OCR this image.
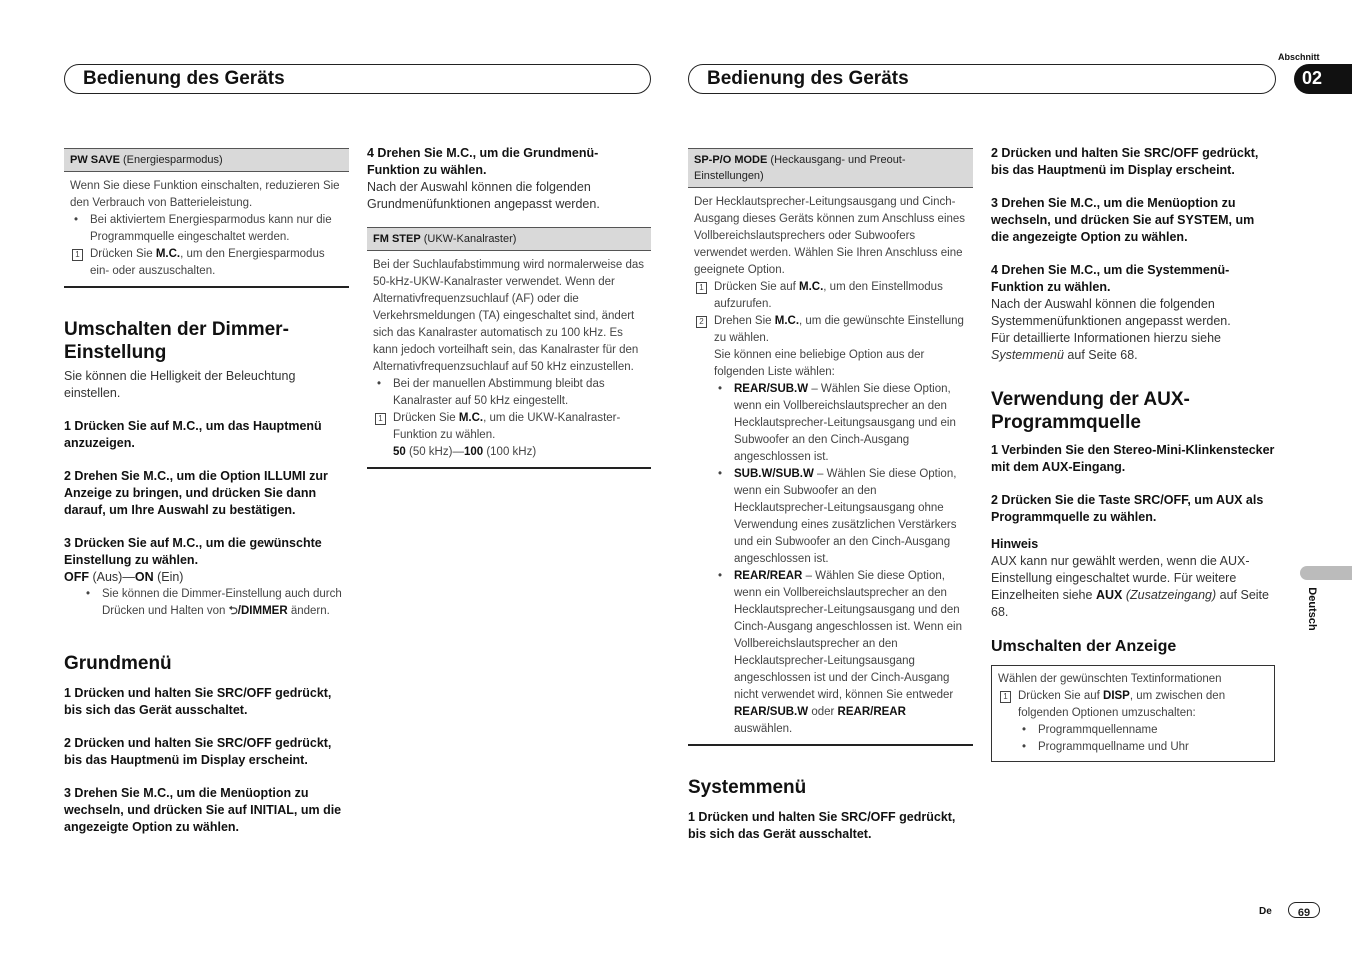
Bedienung des Geräts	Bedienung des Geräts
Abschnitt
02
Deutsch
De	69
PW SAVE (Energiesparmodus)
Wenn Sie diese Funktion einschalten, reduzieren Sie den Verbrauch von Batterieleistung.
• Bei aktiviertem Energiesparmodus kann nur die Programmquelle eingeschaltet werden.
1 Drücken Sie M.C., um den Energiesparmodus ein- oder auszuschalten.
Umschalten der Dimmer-Einstellung
Sie können die Helligkeit der Beleuchtung einstellen.
1 Drücken Sie auf M.C., um das Hauptmenü anzuzeigen.
2 Drehen Sie M.C., um die Option ILLUMI zur Anzeige zu bringen, und drücken Sie dann darauf, um Ihre Auswahl zu bestätigen.
3 Drücken Sie auf M.C., um die gewünschte Einstellung zu wählen.
OFF (Aus)—ON (Ein)
• Sie können die Dimmer-Einstellung auch durch Drücken und Halten von ⮌/DIMMER ändern.
Grundmenü
1 Drücken und halten Sie SRC/OFF gedrückt, bis sich das Gerät ausschaltet.
2 Drücken und halten Sie SRC/OFF gedrückt, bis das Hauptmenü im Display erscheint.
3 Drehen Sie M.C., um die Menüoption zu wechseln, und drücken Sie auf INITIAL, um die angezeigte Option zu wählen.
4 Drehen Sie M.C., um die Grundmenü-Funktion zu wählen.
Nach der Auswahl können die folgenden Grundmenüfunktionen angepasst werden.
FM STEP (UKW-Kanalraster)
Bei der Suchlaufabstimmung wird normalerweise das 50-kHz-UKW-Kanalraster verwendet. Wenn der Alternativfrequenzsuchlauf (AF) oder die Verkehrsmeldungen (TA) eingeschaltet sind, ändert sich das Kanalraster automatisch zu 100 kHz. Es kann jedoch vorteilhaft sein, das Kanalraster für den Alternativfrequenzsuchlauf auf 50 kHz einzustellen.
• Bei der manuellen Abstimmung bleibt das Kanalraster auf 50 kHz eingestellt.
1 Drücken Sie M.C., um die UKW-Kanalraster-Funktion zu wählen.
50 (50 kHz)—100 (100 kHz)
SP-P/O MODE (Heckausgang- und Preout-Einstellungen)
Der Hecklautsprecher-Leitungsausgang und Cinch-Ausgang dieses Geräts können zum Anschluss eines Vollbereichslautsprechers oder Subwoofers verwendet werden. Wählen Sie Ihren Anschluss eine geeignete Option.
1 Drücken Sie auf M.C., um den Einstellmodus aufzurufen.
2 Drehen Sie M.C., um die gewünschte Einstellung zu wählen.
Sie können eine beliebige Option aus der folgenden Liste wählen:
• REAR/SUB.W – Wählen Sie diese Option, wenn ein Vollbereichslautsprecher an den Hecklautsprecher-Leitungsausgang und ein Subwoofer an den Cinch-Ausgang angeschlossen ist.
• SUB.W/SUB.W – Wählen Sie diese Option, wenn ein Subwoofer an den Hecklautsprecher-Leitungsausgang ohne Verwendung eines zusätzlichen Verstärkers und ein Subwoofer an den Cinch-Ausgang angeschlossen ist.
• REAR/REAR – Wählen Sie diese Option, wenn ein Vollbereichslautsprecher an den Hecklautsprecher-Leitungsausgang und den Cinch-Ausgang angeschlossen ist. Wenn ein Vollbereichslautsprecher an den Hecklautsprecher-Leitungsausgang angeschlossen ist und der Cinch-Ausgang nicht verwendet wird, können Sie entweder REAR/SUB.W oder REAR/REAR auswählen.
Systemmenü
1 Drücken und halten Sie SRC/OFF gedrückt, bis sich das Gerät ausschaltet.
2 Drücken und halten Sie SRC/OFF gedrückt, bis das Hauptmenü im Display erscheint.
3 Drehen Sie M.C., um die Menüoption zu wechseln, und drücken Sie auf SYSTEM, um die angezeigte Option zu wählen.
4 Drehen Sie M.C., um die Systemmenü-Funktion zu wählen.
Nach der Auswahl können die folgenden Systemmenüfunktionen angepasst werden.
Für detaillierte Informationen hierzu siehe Systemmenü auf Seite 68.
Verwendung der AUX-Programmquelle
1 Verbinden Sie den Stereo-Mini-Klinkenstecker mit dem AUX-Eingang.
2 Drücken Sie die Taste SRC/OFF, um AUX als Programmquelle zu wählen.
Hinweis
AUX kann nur gewählt werden, wenn die AUX-Einstellung eingeschaltet wurde. Für weitere Einzelheiten siehe AUX (Zusatzeingang) auf Seite 68.
Umschalten der Anzeige
Wählen der gewünschten Textinformationen
1 Drücken Sie auf DISP, um zwischen den folgenden Optionen umzuschalten:
• Programmquellenname
• Programmquellname und Uhr
